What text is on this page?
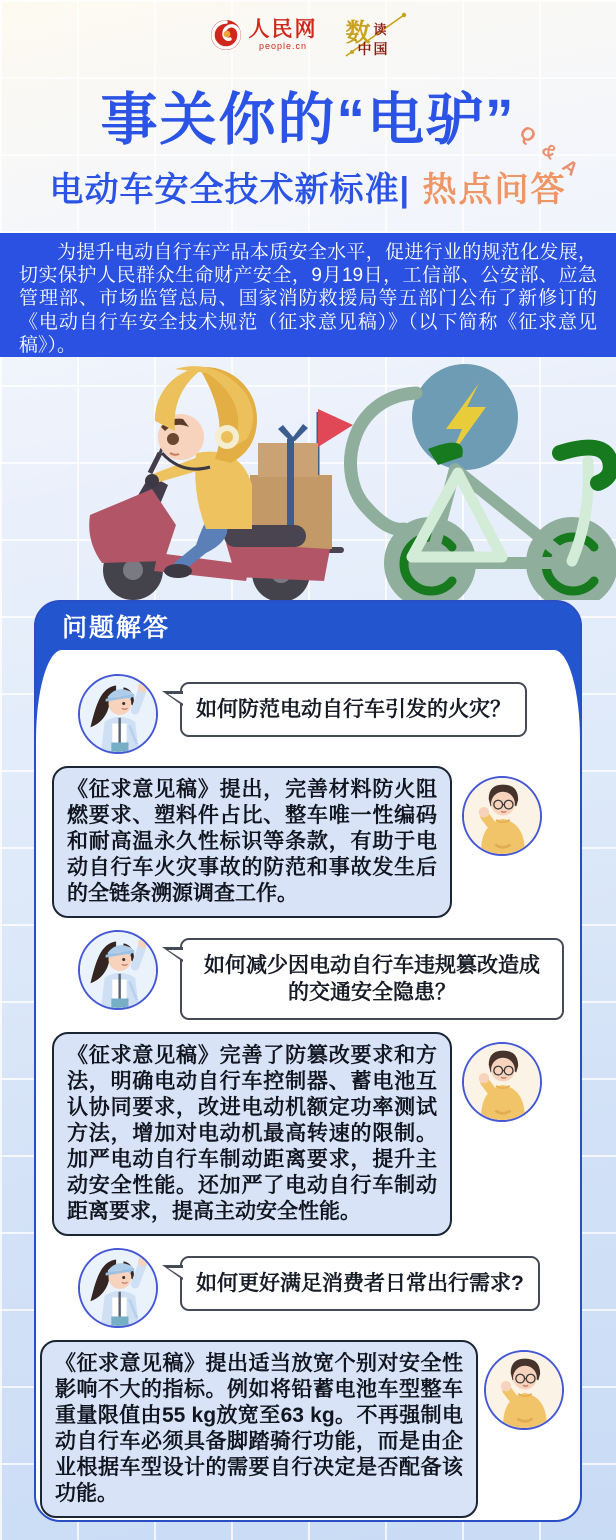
人民网
people.cn 数 读
中国
事关你的“电驴”
电动车安全技术新标准| 热点问答
Q & A

为提升电动自行车产品本质安全水平，促进行业的规范化发展，切实保护人民群众生命财产安全，9月19日，工信部、公安部、应急管理部、市场监管总局、国家消防救援局等五部门公布了新修订的《电动自行车安全技术规范（征求意见稿）》（以下简称《征求意见稿》）。

问题解答
如何防范电动自行车引发的火灾？
《征求意见稿》提出，完善材料防火阻燃要求、塑料件占比、整车唯一性编码和耐高温永久性标识等条款，有助于电动自行车火灾事故的防范和事故发生后的全链条溯源调查工作。
如何减少因电动自行车违规篡改造成的交通安全隐患？
《征求意见稿》完善了防篡改要求和方法，明确电动自行车控制器、蓄电池互认协同要求，改进电动机额定功率测试方法，增加对电动机最高转速的限制。加严电动自行车制动距离要求，提升主动安全性能。还加严了电动自行车制动距离要求，提高主动安全性能。
如何更好满足消费者日常出行需求?
《征求意见稿》提出适当放宽个别对安全性影响不大的指标。例如将铅蓄电池车型整车重量限值由55 kg放宽至63 kg。不再强制电动自行车必须具备脚踏骑行功能，而是由企业根据车型设计的需要自行决定是否配备该功能。
